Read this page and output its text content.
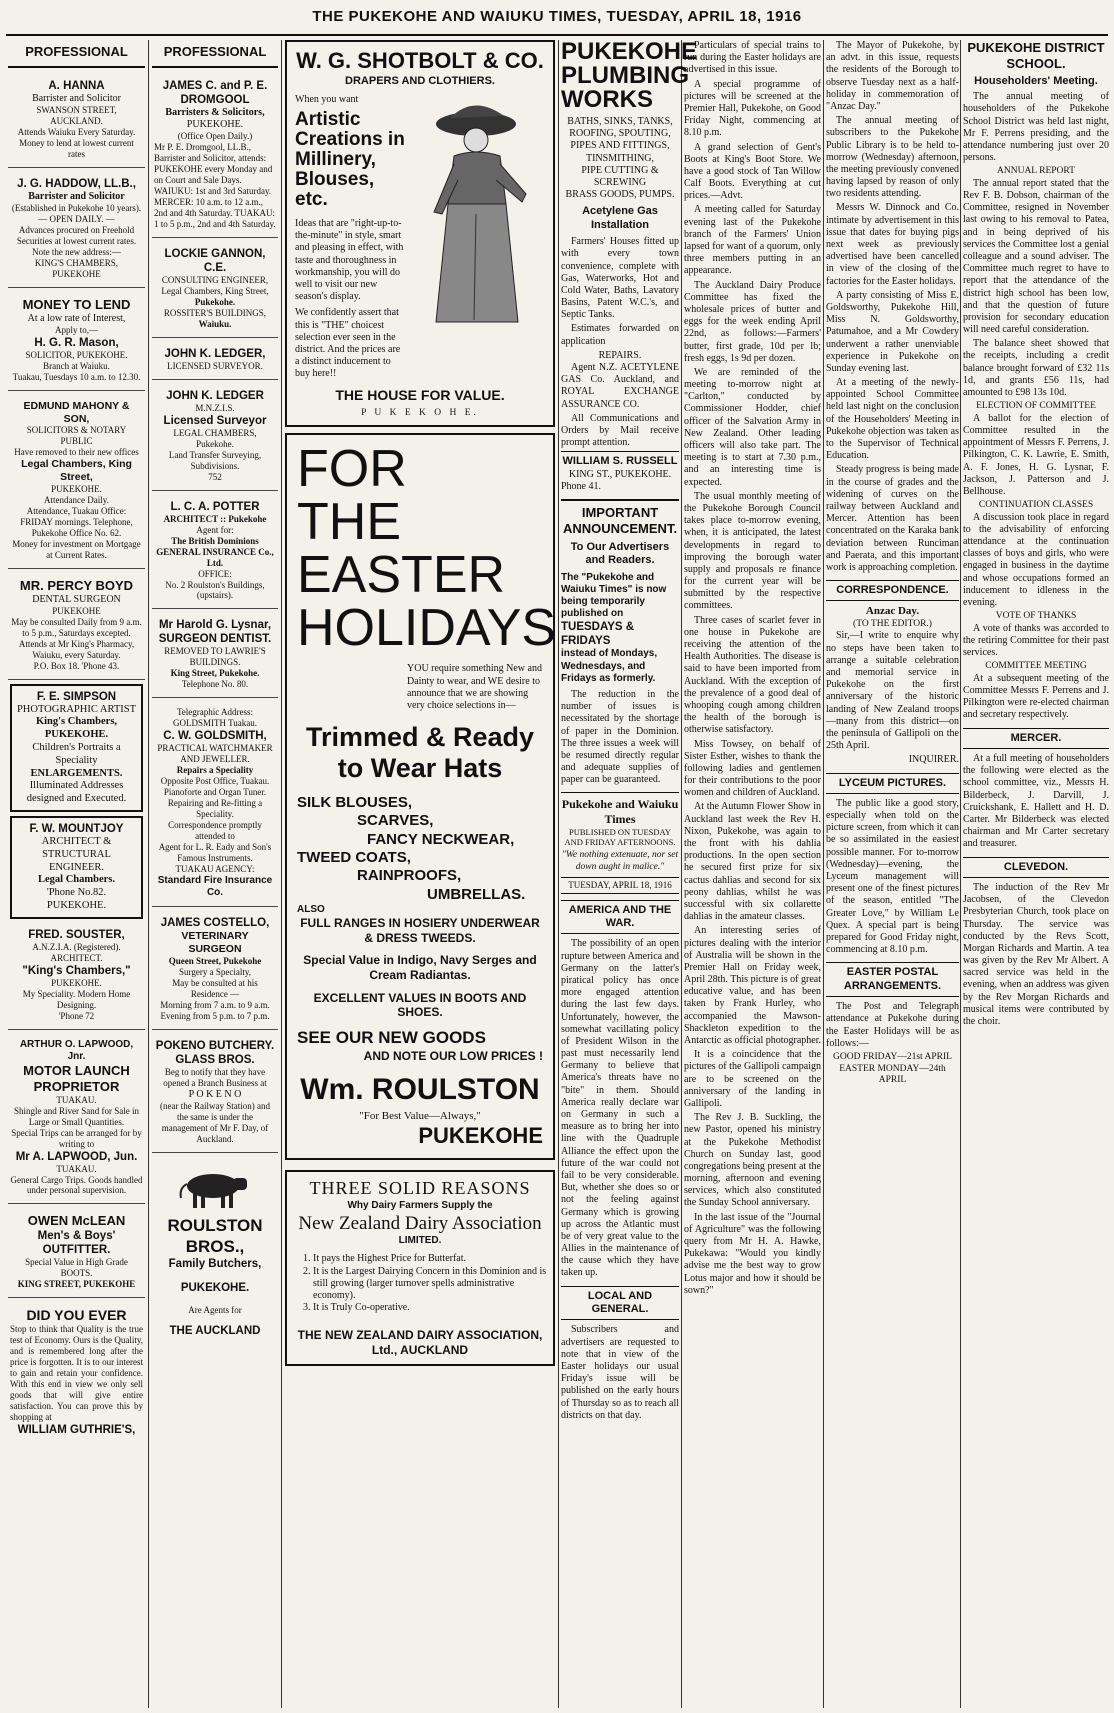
THE PUKEKOHE AND WAIUKU TIMES, TUESDAY, APRIL 18, 1916
PROFESSIONAL
A. HANNA
Barrister and Solicitor
SWANSON STREET, AUCKLAND.
Attends Waiuku Every Saturday.
Money to lend at lowest current rates
J. G. HADDOW, LL.B.,
Barrister and Solicitor
(Established in Pukekohe 10 years).
— OPEN DAILY. —
Advances procured on Freehold Securities at lowest current rates.
Note the new address:—
KING'S CHAMBERS, PUKEKOHE
MONEY TO LEND
At a low rate of Interest,
Apply to,—
H. G. R. Mason,
SOLICITOR, PUKEKOHE.
Branch at Waiuku.
Tuakau, Tuesdays 10 a.m. to 12.30.
EDMUND MAHONY & SON,
SOLICITORS & NOTARY PUBLIC
Have removed to their new offices
Legal Chambers, King Street,
PUKEKOHE.
Attendance Daily.
Attendance, Tuakau Office: FRIDAY mornings. Telephone, Pukekohe Office No. 62.
Money for investment on Mortgage at Current Rates.
MR. PERCY BOYD
DENTAL SURGEON
PUKEKOHE
May be consulted Daily from 9 a.m. to 5 p.m., Saturdays excepted.
Attends at Mr King's Pharmacy, Waiuku, every Saturday.
P.O. Box 18. 'Phone 43.
F. E. SIMPSON
PHOTOGRAPHIC ARTIST
King's Chambers,
PUKEKOHE.
Children's Portraits a Speciality
ENLARGEMENTS.
Illuminated Addresses designed and Executed.
F. W. MOUNTJOY
ARCHITECT & STRUCTURAL ENGINEER.
Legal Chambers.
'Phone No.82. PUKEKOHE.
FRED. SOUSTER,
A.N.Z.I.A. (Registered).
ARCHITECT.
"King's Chambers,"
PUKEKOHE.
My Speciality. Modern Home Designing.
'Phone 72
ARTHUR O. LAPWOOD, Jnr.
MOTOR LAUNCH PROPRIETOR
TUAKAU.
Shingle and River Sand for Sale in Large or Small Quantities.
Special Trips can be arranged for by writing to
Mr A. LAPWOOD, Jun.
TUAKAU.
General Cargo Trips. Goods handled under personal supervision.
OWEN McLEAN
Men's & Boys' OUTFITTER.
Special Value in High Grade BOOTS.
KING STREET, PUKEKOHE
DID YOU EVER
Stop to think that Quality is the true test of Economy. Ours is the Quality, and is remembered long after the price is forgotten. It is to our interest to gain and retain your confidence. With this end in view we only sell goods that will give entire satisfaction. You can prove this by shopping at
WILLIAM GUTHRIE'S,
PROFESSIONAL
JAMES C. and P. E. DROMGOOL
Barristers & Solicitors,
PUKEKOHE.
(Office Open Daily.)
Mr P. E. Dromgool, LL.B., Barrister and Solicitor, attends: PUKEKOHE every Monday and on Court and Sale Days. WAIUKU: 1st and 3rd Saturday. MERCER: 10 a.m. to 12 a.m., 2nd and 4th Saturday. TUAKAU: 1 to 5 p.m., 2nd and 4th Saturday.
LOCKIE GANNON, C.E.
CONSULTING ENGINEER,
Legal Chambers, King Street,
Pukekohe.
ROSSITER'S BUILDINGS,
Waiuku.
JOHN K. LEDGER,
LICENSED SURVEYOR.
JOHN K. LEDGER
M.N.Z.I.S.
Licensed Surveyor
LEGAL CHAMBERS,
Pukekohe.
Land Transfer Surveying, Subdivisions.
752
L. C. A. POTTER
ARCHITECT :: Pukekohe
Agent for:
The British Dominions GENERAL INSURANCE Co., Ltd.
OFFICE:
No. 2 Roulston's Buildings, (upstairs).
Mr Harold G. Lysnar,
SURGEON DENTIST.
REMOVED TO LAWRIE'S BUILDINGS.
King Street, Pukekohe.
Telephone No. 80.
Telegraphic Address: GOLDSMITH Tuakau.
C. W. GOLDSMITH,
PRACTICAL WATCHMAKER AND JEWELLER.
Repairs a Speciality
Opposite Post Office, Tuakau.
Pianoforte and Organ Tuner. Repairing and Re-fitting a Speciality.
Correspondence promptly attended to
Agent for L. R. Eady and Son's Famous Instruments.
TUAKAU AGENCY:
Standard Fire Insurance Co.
JAMES COSTELLO,
VETERINARY SURGEON
Queen Street, Pukekohe
Surgery a Specialty,
May be consulted at his Residence —
Morning from 7 a.m. to 9 a.m. Evening from 5 p.m. to 7 p.m.
POKENO BUTCHERY.
GLASS BROS.
Beg to notify that they have opened a Branch Business at
P O K E N O
(near the Railway Station) and the same is under the management of Mr F. Day, of Auckland.
ROULSTON BROS.,
Family Butchers,
PUKEKOHE.
Are Agents for
THE AUCKLAND
W. G. SHOTBOLT & CO.
DRAPERS AND CLOTHIERS.
When you want
Artistic Creations in Millinery, Blouses, etc.
Ideas that are "right-up-to-the-minute" in style, smart and pleasing in effect, with taste and thoroughness in workmanship, you will do well to visit our new season's display.
We confidently assert that this is "THE" choicest selection ever seen in the district. And the prices are a distinct inducement to buy here!!
THE HOUSE FOR VALUE.
P U K E K O H E.
FOR
THE
EASTER
HOLIDAYS
YOU require something New and Dainty to wear, and WE desire to announce that we are showing very choice selections in—
Trimmed & Ready to Wear Hats
SILK BLOUSES,
SCARVES,
FANCY NECKWEAR,
TWEED COATS,
RAINPROOFS,
UMBRELLAS.
ALSO
FULL RANGES IN HOSIERY UNDERWEAR & DRESS TWEEDS.
Special Value in Indigo, Navy Serges and Cream Radiantas.
EXCELLENT VALUES IN BOOTS AND SHOES.
SEE OUR NEW GOODS
AND NOTE OUR LOW PRICES !
Wm. ROULSTON
"For Best Value—Always,"
PUKEKOHE
THREE SOLID REASONS
Why Dairy Farmers Supply the
New Zealand Dairy Association
LIMITED.
1. It pays the Highest Price for Butterfat.
2. It is the Largest Dairying Concern in this Dominion and is still growing (larger turnover spells administrative economy).
3. It is Truly Co-operative.
THE NEW ZEALAND DAIRY ASSOCIATION, Ltd., AUCKLAND
PUKEKOHE PLUMBING WORKS
BATHS, SINKS, TANKS,
ROOFING, SPOUTING,
PIPES AND FITTINGS,
TINSMITHING,
PIPE CUTTING & SCREWING
BRASS GOODS, PUMPS.
Acetylene Gas Installation
Farmers' Houses fitted up with every town convenience, complete with Gas, Waterworks, Hot and Cold Water, Baths, Lavatory Basins, Patent W.C.'s, and Septic Tanks.
Estimates forwarded on application
REPAIRS.
Agent N.Z. ACETYLENE GAS Co. Auckland, and ROYAL EXCHANGE ASSURANCE CO.
All Communications and Orders by Mail receive prompt attention.
WILLIAM S. RUSSELL
KING ST., PUKEKOHE.
Phone 41.
IMPORTANT ANNOUNCEMENT.
To Our Advertisers and Readers.
The "Pukekohe and Waiuku Times" is now being temporarily published on
TUESDAYS & FRIDAYS
instead of Mondays, Wednesdays, and Fridays as formerly.
The reduction in the number of issues is necessitated by the shortage of paper in the Dominion. The three issues a week will be resumed directly regular and adequate supplies of paper can be guaranteed.
Pukekohe and Waiuku Times
PUBLISHED ON TUESDAY AND FRIDAY AFTERNOONS.
"We nothing extenuate, nor set down aught in malice."
TUESDAY, APRIL 18, 1916
AMERICA AND THE WAR.
The possibility of an open rupture between America and Germany on the latter's piratical policy has once more engaged attention during the last few days. Unfortunately, however, the somewhat vacillating policy of President Wilson in the past must necessarily lend Germany to believe that America's threats have no "bite" in them. Should America really declare war on Germany in such a measure as to bring her into line with the Quadruple Alliance the effect upon the future of the war could not fail to be very considerable. But, whether she does so or not the feeling against Germany which is growing up across the Atlantic must be of very great value to the Allies in the maintenance of the cause which they have taken up.
LOCAL AND GENERAL.
Subscribers and advertisers are requested to note that in view of the Easter holidays our usual Friday's issue will be published on the early hours of Thursday so as to reach all districts on that day.

Particulars of special trains to run during the Easter holidays are advertised in this issue.

A special programme of pictures will be screened at the Premier Hall, Pukekohe, on Good Friday Night, commencing at 8.10 p.m.

A grand selection of Gent's Boots at King's Boot Store. We have a good stock of Tan Willow Calf Boots. Everything at cut prices.—Advt.

A meeting called for Saturday evening last of the Pukekohe branch of the Farmers' Union lapsed for want of a quorum, only three members putting in an appearance.

The Auckland Dairy Produce Committee has fixed the wholesale prices of butter and eggs for the week ending April 22nd, as follows:—Farmers' butter, first grade, 10d per lb; fresh eggs, 1s 9d per dozen.

We are reminded of the meeting to-morrow night at "Carlton," conducted by Commissioner Hodder, chief officer of the Salvation Army in New Zealand. Other leading officers will also take part. The meeting is to start at 7.30 p.m., and an interesting time is expected.

The usual monthly meeting of the Pukekohe Borough Council takes place to-morrow evening, when, it is anticipated, the latest developments in regard to improving the borough water supply and proposals re finance for the current year will be submitted by the respective committees.

Three cases of scarlet fever in one house in Pukekohe are receiving the attention of the Health Authorities. The disease is said to have been imported from Auckland. With the exception of the prevalence of a good deal of whooping cough among children the health of the borough is otherwise satisfactory.

Miss Towsey, on behalf of Sister Esther, wishes to thank the following ladies and gentlemen for their contributions to the poor women and children of Auckland.

At the Autumn Flower Show in Auckland last week the Rev H. Nixon, Pukekohe, was again to the front with his dahlia productions. In the open section he secured first prize for six cactus dahlias and second for six peony dahlias, whilst he was successful with six collarette dahlias in the amateur classes.

An interesting series of pictures dealing with the interior of Australia will be shown in the Premier Hall on Friday week, April 28th. This picture is of great educative value, and has been taken by Frank Hurley, who accompanied the Mawson-Shackleton expedition to the Antarctic as official photographer.

It is a coincidence that the pictures of the Gallipoli campaign are to be screened on the anniversary of the landing in Gallipoli.

The Rev J. B. Suckling, the new Pastor, opened his ministry at the Pukekohe Methodist Church on Sunday last, good congregations being present at the morning, afternoon and evening services, which also constituted the Sunday School anniversary.

In the last issue of the "Journal of Agriculture" was the following query from Mr H. A. Hawke, Pukekawa: "Would you kindly advise me the best way to grow Lotus major and how it should be sown?"

The Mayor of Pukekohe, by an advt. in this issue, requests the residents of the Borough to observe Tuesday next as a half-holiday in commemoration of "Anzac Day."

The annual meeting of subscribers to the Pukekohe Public Library is to be held to-morrow (Wednesday) afternoon, the meeting previously convened having lapsed by reason of only two residents attending.

Messrs W. Dinnock and Co. intimate by advertisement in this issue that dates for buying pigs next week as previously advertised have been cancelled in view of the closing of the factories for the Easter holidays.

A party consisting of Miss E. Goldsworthy, Pukekohe Hill, Miss N. Goldsworthy, Patumahoe, and a Mr Cowdery underwent a rather unenviable experience in Pukekohe on Sunday evening last.

At a meeting of the newly-appointed School Committee held last night on the conclusion of the Householders' Meeting in Pukekohe objection was taken as to the Supervisor of Technical Education.

Steady progress is being made in the course of grades and the widening of curves on the railway between Auckland and Mercer. Attention has been concentrated on the Karaka bank deviation between Runciman and Paerata, and this important work is approaching completion.

CORRESPONDENCE.
Anzac Day.
(TO THE EDITOR.)

Sir,—I write to enquire why no steps have been taken to arrange a suitable celebration and memorial service in Pukekohe on the first anniversary of the historic landing of New Zealand troops—many from this district—on the peninsula of Gallipoli on the 25th April.

INQUIRER.
LYCEUM PICTURES.

The public like a good story, especially when told on the picture screen, from which it can be so assimilated in the easiest possible manner. For to-morrow (Wednesday)—evening, the Lyceum management will present one of the finest pictures of the season, entitled "The Greater Love," by William Le Quex. A special part is being prepared for Good Friday night, commencing at 8.10 p.m.

EASTER POSTAL ARRANGEMENTS.

The Post and Telegraph attendance at Pukekohe during the Easter Holidays will be as follows:—

GOOD FRIDAY—21st APRIL
EASTER MONDAY—24th APRIL
PUKEKOHE DISTRICT SCHOOL.
Householders' Meeting.

The annual meeting of householders of the Pukekohe School District was held last night, Mr F. Perrens presiding, and the attendance numbering just over 20 persons.

ANNUAL REPORT

The annual report stated that the Rev F. B. Dobson, chairman of the Committee, resigned in November last owing to his removal to Patea, and in being deprived of his services the Committee lost a genial colleague and a sound adviser. The Committee much regret to have to report that the attendance of the district high school has been low, and that the question of future provision for secondary education will need careful consideration.

The balance sheet showed that the receipts, including a credit balance brought forward of £32 11s 1d, and grants £56 11s, had amounted to £98 13s 10d.

ELECTION OF COMMITTEE

A ballot for the election of Committee resulted in the appointment of Messrs F. Perrens, J. Pilkington, C. K. Lawrie, E. Smith, A. F. Jones, H. G. Lysnar, F. Jackson, J. Patterson and J. Bellhouse.

CONTINUATION CLASSES

A discussion took place in regard to the advisability of enforcing attendance at the continuation classes of boys and girls, who were engaged in business in the daytime and whose occupations formed an inducement to idleness in the evening.

VOTE OF THANKS

A vote of thanks was accorded to the retiring Committee for their past services.

COMMITTEE MEETING

At a subsequent meeting of the Committee Messrs F. Perrens and J. Pilkington were re-elected chairman and secretary respectively.

MERCER.

At a full meeting of householders the following were elected as the school committee, viz., Messrs H. Bilderbeck, J. Darvill, J. Cruickshank, E. Hallett and H. D. Carter. Mr Bilderbeck was elected chairman and Mr Carter secretary and treasurer.

CLEVEDON.

The induction of the Rev Mr Jacobsen, of the Clevedon Presbyterian Church, took place on Thursday. The service was conducted by the Revs Scott, Morgan Richards and Martin. A tea was given by the Rev Mr Albert. A sacred service was held in the evening, when an address was given by the Rev Morgan Richards and musical items were contributed by the choir.
